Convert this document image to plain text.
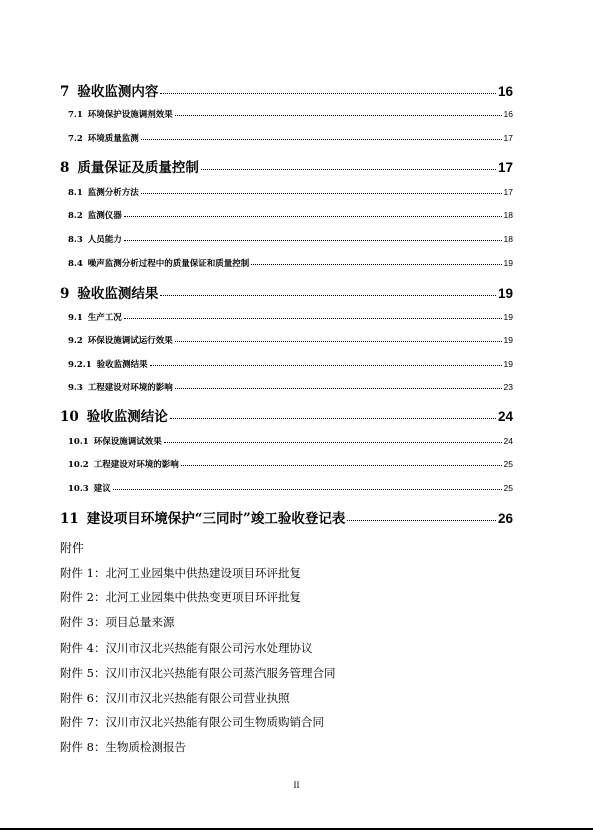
7 验收监测内容	16
7.1 环境保护设施调剂效果	16
7.2 环境质量监测	17
8 质量保证及质量控制	17
8.1 监测分析方法	17
8.2 监测仪器	18
8.3 人员能力	18
8.4 噪声监测分析过程中的质量保证和质量控制	19
9 验收监测结果	19
9.1 生产工况	19
9.2 环保设施调试运行效果	19
9.2.1 验收监测结果	19
9.3 工程建设对环境的影响	23
10 验收监测结论	24
10.1 环保设施调试效果	24
10.2 工程建设对环境的影响	25
10.3 建议	25
11 建设项目环境保护“三同时”竣工验收登记表	26
附件
附件 1：北河工业园集中供热建设项目环评批复
附件 2：北河工业园集中供热变更项目环评批复
附件 3：项目总量来源
附件 4：汉川市汉北兴热能有限公司污水处理协议
附件 5：汉川市汉北兴热能有限公司蒸汽服务管理合同
附件 6：汉川市汉北兴热能有限公司营业执照
附件 7：汉川市汉北兴热能有限公司生物质购销合同
附件 8：生物质检测报告
II
